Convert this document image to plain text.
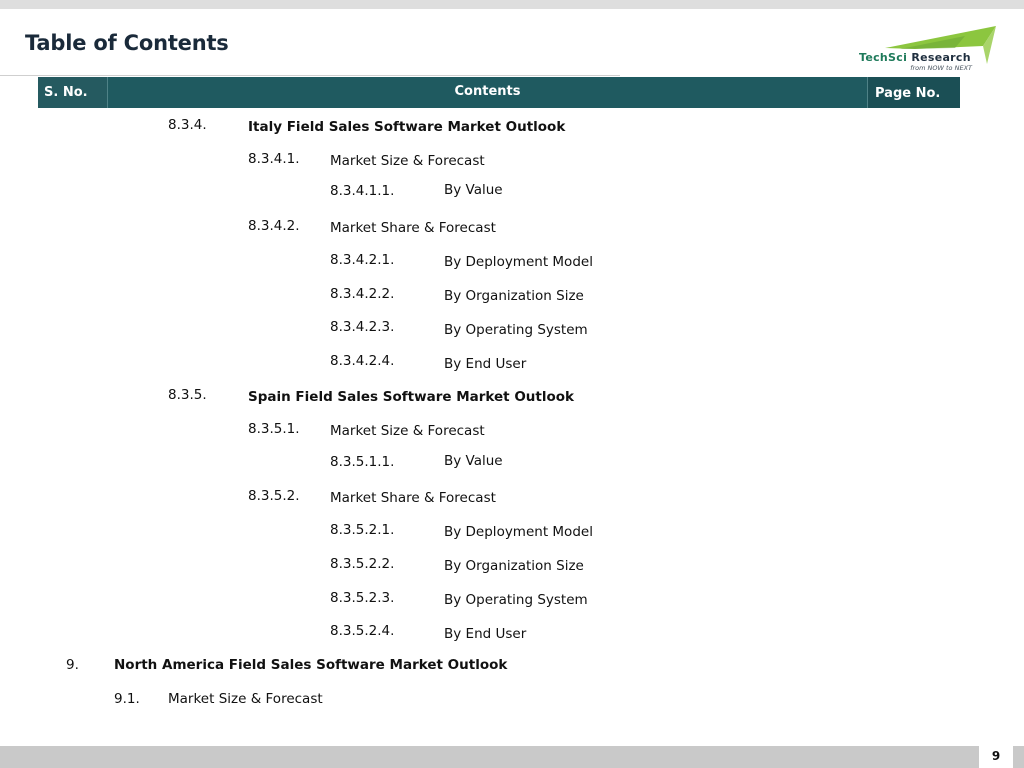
Table of Contents
TechSci Research
from NOW to NEXT
S. No.	Contents	Page No.
8.3.4.	Italy Field Sales Software Market Outlook
8.3.4.1. Market Size & Forecast
8.3.4.1.1.	By Value
8.3.4.2. Market Share & Forecast
8.3.4.2.1.	By Deployment Model
8.3.4.2.2.	By Organization Size
8.3.4.2.3.	By Operating System
8.3.4.2.4.	By End User
8.3.5.	Spain Field Sales Software Market Outlook
8.3.5.1. Market Size & Forecast
8.3.5.1.1.	By Value
8.3.5.2. Market Share & Forecast
8.3.5.2.1.	By Deployment Model
8.3.5.2.2.	By Organization Size
8.3.5.2.3.	By Operating System
8.3.5.2.4.	By End User
9.	North America Field Sales Software Market Outlook
9.1. Market Size & Forecast
9
